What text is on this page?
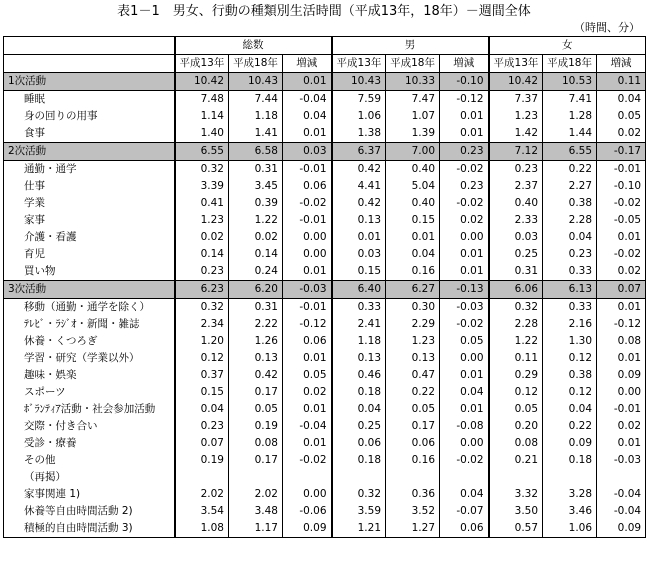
表1－1　男女、行動の種類別生活時間（平成13年，18年）－週間全体
（時間、分）
	総数			男			女		
	平成13年	平成18年	増減	平成13年	平成18年	増減	平成13年	平成18年	増減
1次活動	10.42	10.43	0.01	10.43	10.33	-0.10	10.42	10.53	0.11
睡眠	7.48	7.44	-0.04	7.59	7.47	-0.12	7.37	7.41	0.04
身の回りの用事	1.14	1.18	0.04	1.06	1.07	0.01	1.23	1.28	0.05
食事	1.40	1.41	0.01	1.38	1.39	0.01	1.42	1.44	0.02
2次活動	6.55	6.58	0.03	6.37	7.00	0.23	7.12	6.55	-0.17
通勤・通学	0.32	0.31	-0.01	0.42	0.40	-0.02	0.23	0.22	-0.01
仕事	3.39	3.45	0.06	4.41	5.04	0.23	2.37	2.27	-0.10
学業	0.41	0.39	-0.02	0.42	0.40	-0.02	0.40	0.38	-0.02
家事	1.23	1.22	-0.01	0.13	0.15	0.02	2.33	2.28	-0.05
介護・看護	0.02	0.02	0.00	0.01	0.01	0.00	0.03	0.04	0.01
育児	0.14	0.14	0.00	0.03	0.04	0.01	0.25	0.23	-0.02
買い物	0.23	0.24	0.01	0.15	0.16	0.01	0.31	0.33	0.02
3次活動	6.23	6.20	-0.03	6.40	6.27	-0.13	6.06	6.13	0.07
移動（通勤・通学を除く）	0.32	0.31	-0.01	0.33	0.30	-0.03	0.32	0.33	0.01
ﾃﾚﾋﾞ・ﾗｼﾞｵ・新聞・雑誌	2.34	2.22	-0.12	2.41	2.29	-0.02	2.28	2.16	-0.12
休養・くつろぎ	1.20	1.26	0.06	1.18	1.23	0.05	1.22	1.30	0.08
学習・研究（学業以外）	0.12	0.13	0.01	0.13	0.13	0.00	0.11	0.12	0.01
趣味・娯楽	0.37	0.42	0.05	0.46	0.47	0.01	0.29	0.38	0.09
スポーツ	0.15	0.17	0.02	0.18	0.22	0.04	0.12	0.12	0.00
ﾎﾞﾗﾝﾃｨｱ活動・社会参加活動	0.04	0.05	0.01	0.04	0.05	0.01	0.05	0.04	-0.01
交際・付き合い	0.23	0.19	-0.04	0.25	0.17	-0.08	0.20	0.22	0.02
受診・療養	0.07	0.08	0.01	0.06	0.06	0.00	0.08	0.09	0.01
その他	0.19	0.17	-0.02	0.18	0.16	-0.02	0.21	0.18	-0.03
（再掲）									
家事関連 1)	2.02	2.02	0.00	0.32	0.36	0.04	3.32	3.28	-0.04
休養等自由時間活動 2)	3.54	3.48	-0.06	3.59	3.52	-0.07	3.50	3.46	-0.04
積極的自由時間活動 3)	1.08	1.17	0.09	1.21	1.27	0.06	0.57	1.06	0.09
